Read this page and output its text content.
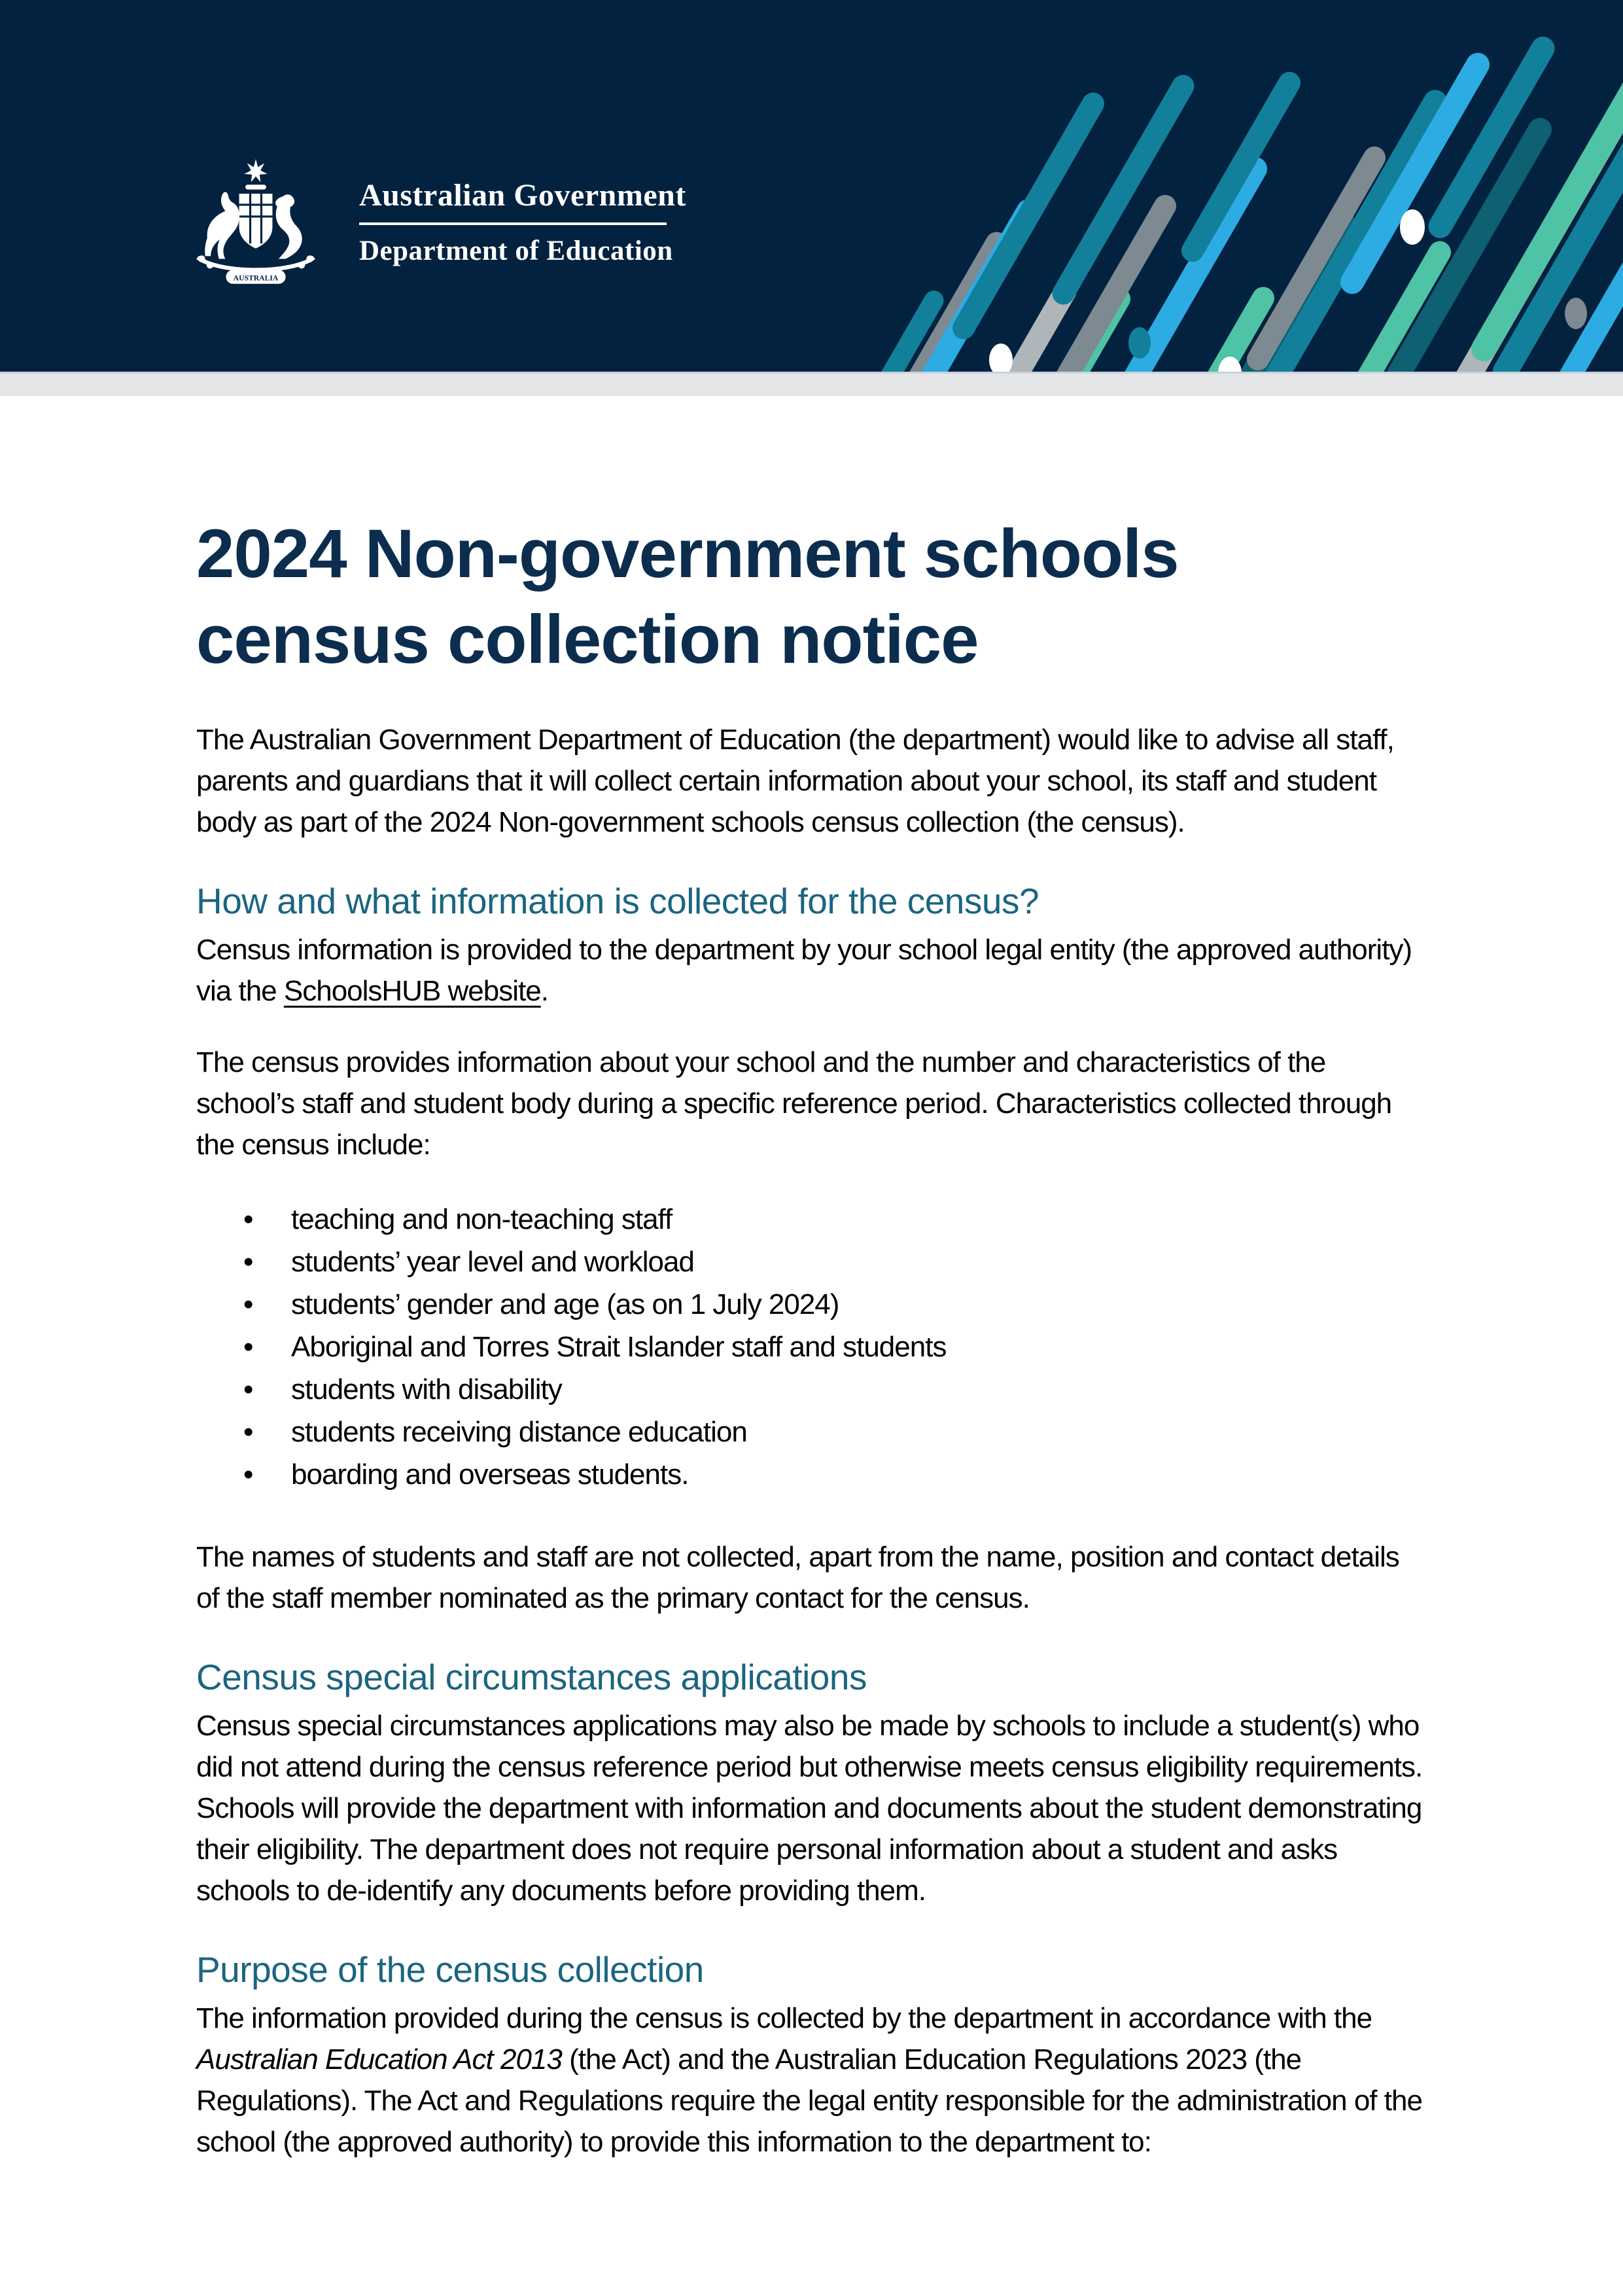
AUSTRALIA
Australian Government
Department of Education
2024 Non-government schools
census collection notice

The Australian Government Department of Education (the department) would like to advise all staff, parents and guardians that it will collect certain information about your school, its staff and student body as part of the 2024 Non-government schools census collection (the census).

How and what information is collected for the census?

Census information is provided to the department by your school legal entity (the approved authority) via the SchoolsHUB website.

The census provides information about your school and the number and characteristics of the school’s staff and student body during a specific reference period. Characteristics collected through the census include:

• teaching and non-teaching staff
• students’ year level and workload
• students’ gender and age (as on 1 July 2024)
• Aboriginal and Torres Strait Islander staff and students
• students with disability
• students receiving distance education
• boarding and overseas students.

The names of students and staff are not collected, apart from the name, position and contact details of the staff member nominated as the primary contact for the census.

Census special circumstances applications

Census special circumstances applications may also be made by schools to include a student(s) who did not attend during the census reference period but otherwise meets census eligibility requirements. Schools will provide the department with information and documents about the student demonstrating their eligibility. The department does not require personal information about a student and asks schools to de-identify any documents before providing them.

Purpose of the census collection

The information provided during the census is collected by the department in accordance with the Australian Education Act 2013 (the Act) and the Australian Education Regulations 2023 (the Regulations). The Act and Regulations require the legal entity responsible for the administration of the school (the approved authority) to provide this information to the department to:
